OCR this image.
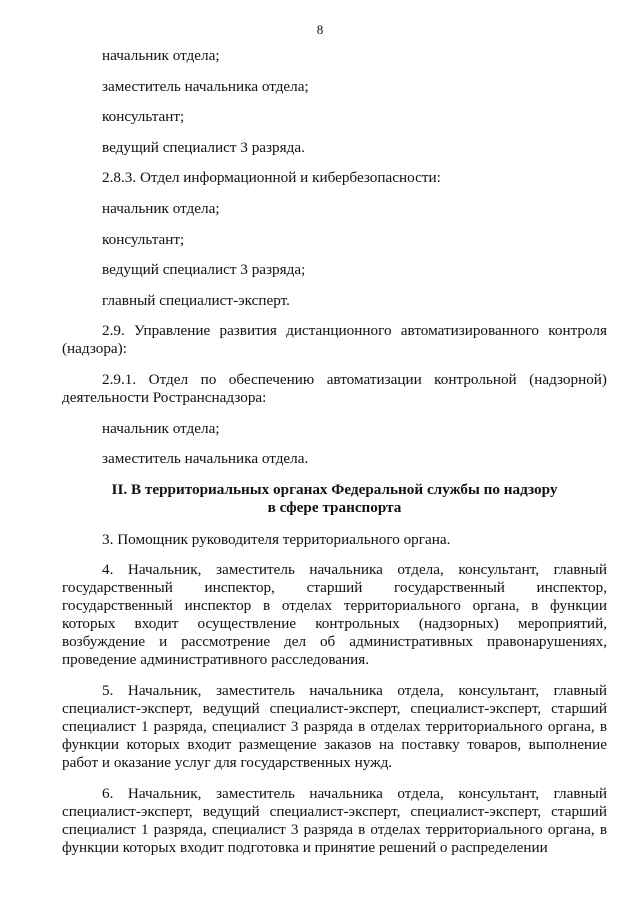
8

начальник отдела;

заместитель начальника отдела;

консультант;

ведущий специалист 3 разряда.

2.8.3. Отдел информационной и кибербезопасности:

начальник отдела;

консультант;

ведущий специалист 3 разряда;

главный специалист-эксперт.

2.9. Управление развития дистанционного автоматизированного контроля (надзора):

2.9.1. Отдел по обеспечению автоматизации контрольной (надзорной) деятельности Ространснадзора:

начальник отдела;

заместитель начальника отдела.

II. В территориальных органах Федеральной службы по надзору
в сфере транспорта

3. Помощник руководителя территориального органа.

4. Начальник, заместитель начальника отдела, консультант, главный государственный инспектор, старший государственный инспектор, государственный инспектор в отделах территориального органа, в функции которых входит осуществление контрольных (надзорных) мероприятий, возбуждение и рассмотрение дел об административных правонарушениях, проведение административного расследования.

5. Начальник, заместитель начальника отдела, консультант, главный специалист-эксперт, ведущий специалист-эксперт, специалист-эксперт, старший специалист 1 разряда, специалист 3 разряда в отделах территориального органа, в функции которых входит размещение заказов на поставку товаров, выполнение работ и оказание услуг для государственных нужд.

6. Начальник, заместитель начальника отдела, консультант, главный специалист-эксперт, ведущий специалист-эксперт, специалист-эксперт, старший специалист 1 разряда, специалист 3 разряда в отделах территориального органа, в функции которых входит подготовка и принятие решений о распределении
